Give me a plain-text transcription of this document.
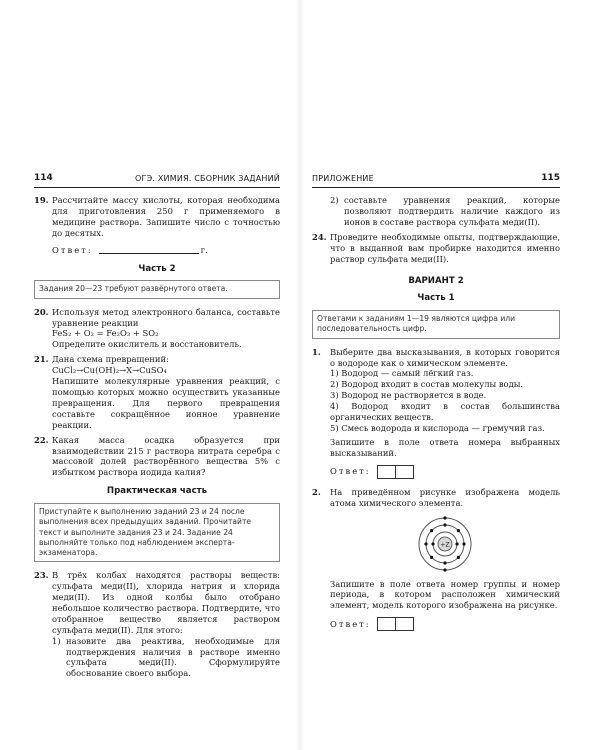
114	ОГЭ. ХИМИЯ. СБОРНИК ЗАДАНИЙ
19. Рассчитайте массу кислоты, которая необходима для приготовления 250 г применяемого в медицине раствора. Запишите число с точностью до десятых.
Ответ:	г.
Часть 2
Задания 20—23 требуют развёрнутого ответа.
20. Используя метод электронного баланса, составьте уравнение реакции
FeS₂ + O₂ = Fe₂O₃ + SO₂
Определите окислитель и восстановитель.
21. Дана схема превращений:
CuCl₂→Cu(OH)₂→X→CuSO₄
Напишите молекулярные уравнения реакций, с помощью которых можно осуществить указанные превращения. Для первого превращения составьте сокращённое ионное уравнение реакции.
22. Какая масса осадка образуется при взаимодействии 215 г раствора нитрата серебра с массовой долей растворённого вещества 5% с избытком раствора иодида калия?
Практическая часть
Приступайте к выполнению заданий 23 и 24 после выполнения всех предыдущих заданий. Прочитайте текст и выполните задания 23 и 24. Задание 24 выполняйте только под наблюдением эксперта-экзаменатора.
23. В трёх колбах находятся растворы веществ: сульфата меди(II), хлорида натрия и хлорида меди(II). Из одной колбы было отобрано небольшое количество раствора. Подтвердите, что отобранное вещество является раствором сульфата меди(II). Для этого:
1) назовите два реактива, необходимые для подтверждения наличия в растворе именно сульфата меди(II). Сформулируйте обоснование своего выбора.
ПРИЛОЖЕНИЕ	115
2) составьте уравнения реакций, которые позволяют подтвердить наличие каждого из ионов в составе раствора сульфата меди(II).
24. Проведите необходимые опыты, подтверждающие, что в выданной вам пробирке находится именно раствор сульфата меди(II).
ВАРИАНТ 2
Часть 1
Ответами к заданиям 1—19 являются цифра или последовательность цифр.
1. Выберите два высказывания, в которых говорится о водороде как о химическом элементе.
1) Водород — самый лёгкий газ.
2) Водород входит в состав молекулы воды.
3) Водород не растворяется в воде.
4) Водород входит в состав большинства органических веществ.
5) Смесь водорода и кислорода — гремучий газ.
Запишите в поле ответа номера выбранных высказываний.
Ответ:
2. На приведённом рисунке изображена модель атома химического элемента.
+Z
Запишите в поле ответа номер группы и номер периода, в котором расположен химический элемент, модель которого изображена на рисунке.
Ответ:
